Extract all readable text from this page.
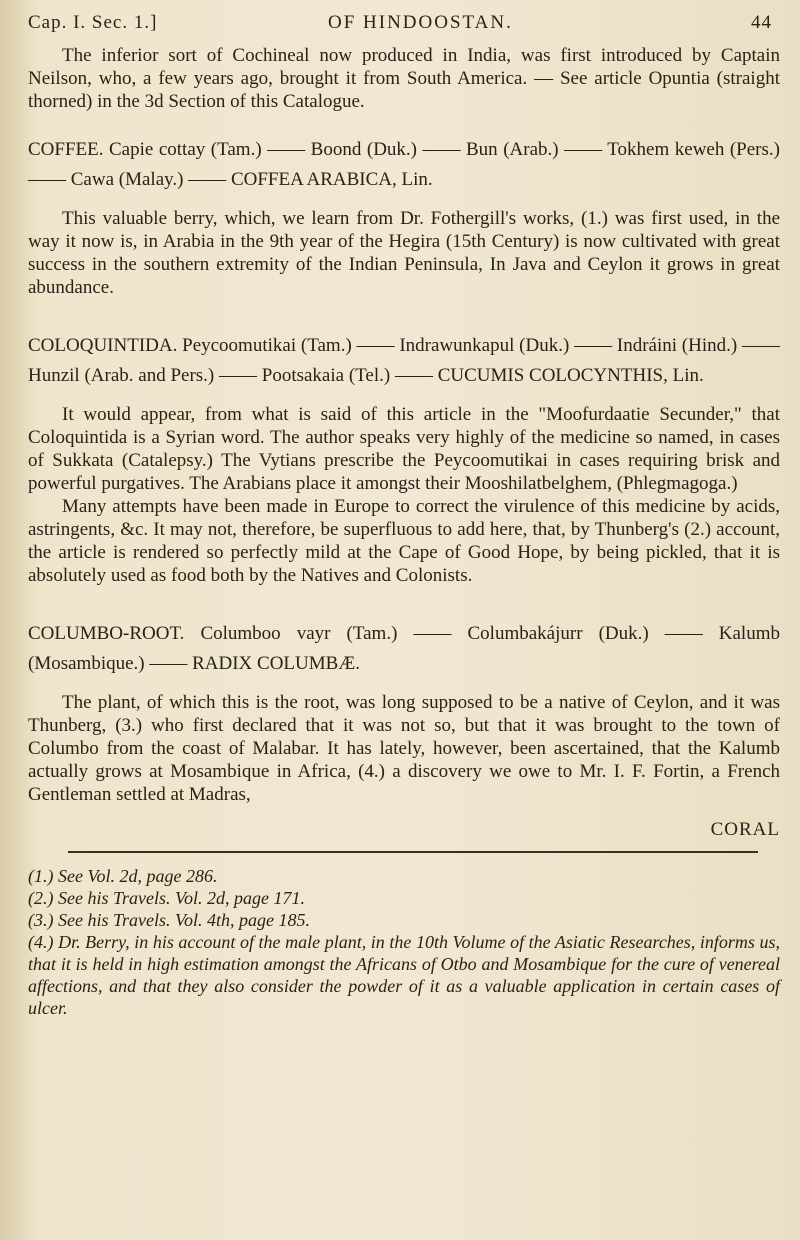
Cap. I. Sec. 1.]	OF HINDOOSTAN.	44

The inferior sort of Cochineal now produced in India, was first introduced by Captain Neilson, who, a few years ago, brought it from South America. — See article Opuntia (straight thorned) in the 3d Section of this Catalogue.

COFFEE. Capie cottay (Tam.) —— Boond (Duk.) —— Bun (Arab.) —— Tokhem keweh (Pers.) —— Cawa (Malay.) —— COFFEA ARABICA, Lin.

This valuable berry, which, we learn from Dr. Fothergill's works, (1.) was first used, in the way it now is, in Arabia in the 9th year of the Hegira (15th Century) is now cultivated with great success in the southern extremity of the Indian Peninsula, In Java and Ceylon it grows in great abundance.

COLOQUINTIDA. Peycoomutikai (Tam.) —— Indrawunkapul (Duk.) —— Indráini (Hind.) —— Hunzil (Arab. and Pers.) —— Pootsakaia (Tel.) —— CUCUMIS COLOCYNTHIS, Lin.

It would appear, from what is said of this article in the "Moofurdaatie Secunder," that Coloquintida is a Syrian word. The author speaks very highly of the medicine so named, in cases of Sukkata (Catalepsy.) The Vytians prescribe the Peycoomutikai in cases requiring brisk and powerful purgatives. The Arabians place it amongst their Mooshilatbelghem, (Phlegmagoga.)

Many attempts have been made in Europe to correct the virulence of this medicine by acids, astringents, &c. It may not, therefore, be superfluous to add here, that, by Thunberg's (2.) account, the article is rendered so perfectly mild at the Cape of Good Hope, by being pickled, that it is absolutely used as food both by the Natives and Colonists.

COLUMBO-ROOT. Columboo vayr (Tam.) —— Columbakájurr (Duk.) —— Kalumb (Mosambique.) —— RADIX COLUMBÆ.

The plant, of which this is the root, was long supposed to be a native of Ceylon, and it was Thunberg, (3.) who first declared that it was not so, but that it was brought to the town of Columbo from the coast of Malabar. It has lately, however, been ascertained, that the Kalumb actually grows at Mosambique in Africa, (4.) a discovery we owe to Mr. I. F. Fortin, a French Gentleman settled at Madras,

CORAL

(1.) See Vol. 2d, page 286.

(2.) See his Travels. Vol. 2d, page 171.

(3.) See his Travels. Vol. 4th, page 185.

(4.) Dr. Berry, in his account of the male plant, in the 10th Volume of the Asiatic Researches, informs us, that it is held in high estimation amongst the Africans of Otbo and Mosambique for the cure of venereal affections, and that they also consider the powder of it as a valuable application in certain cases of ulcer.
